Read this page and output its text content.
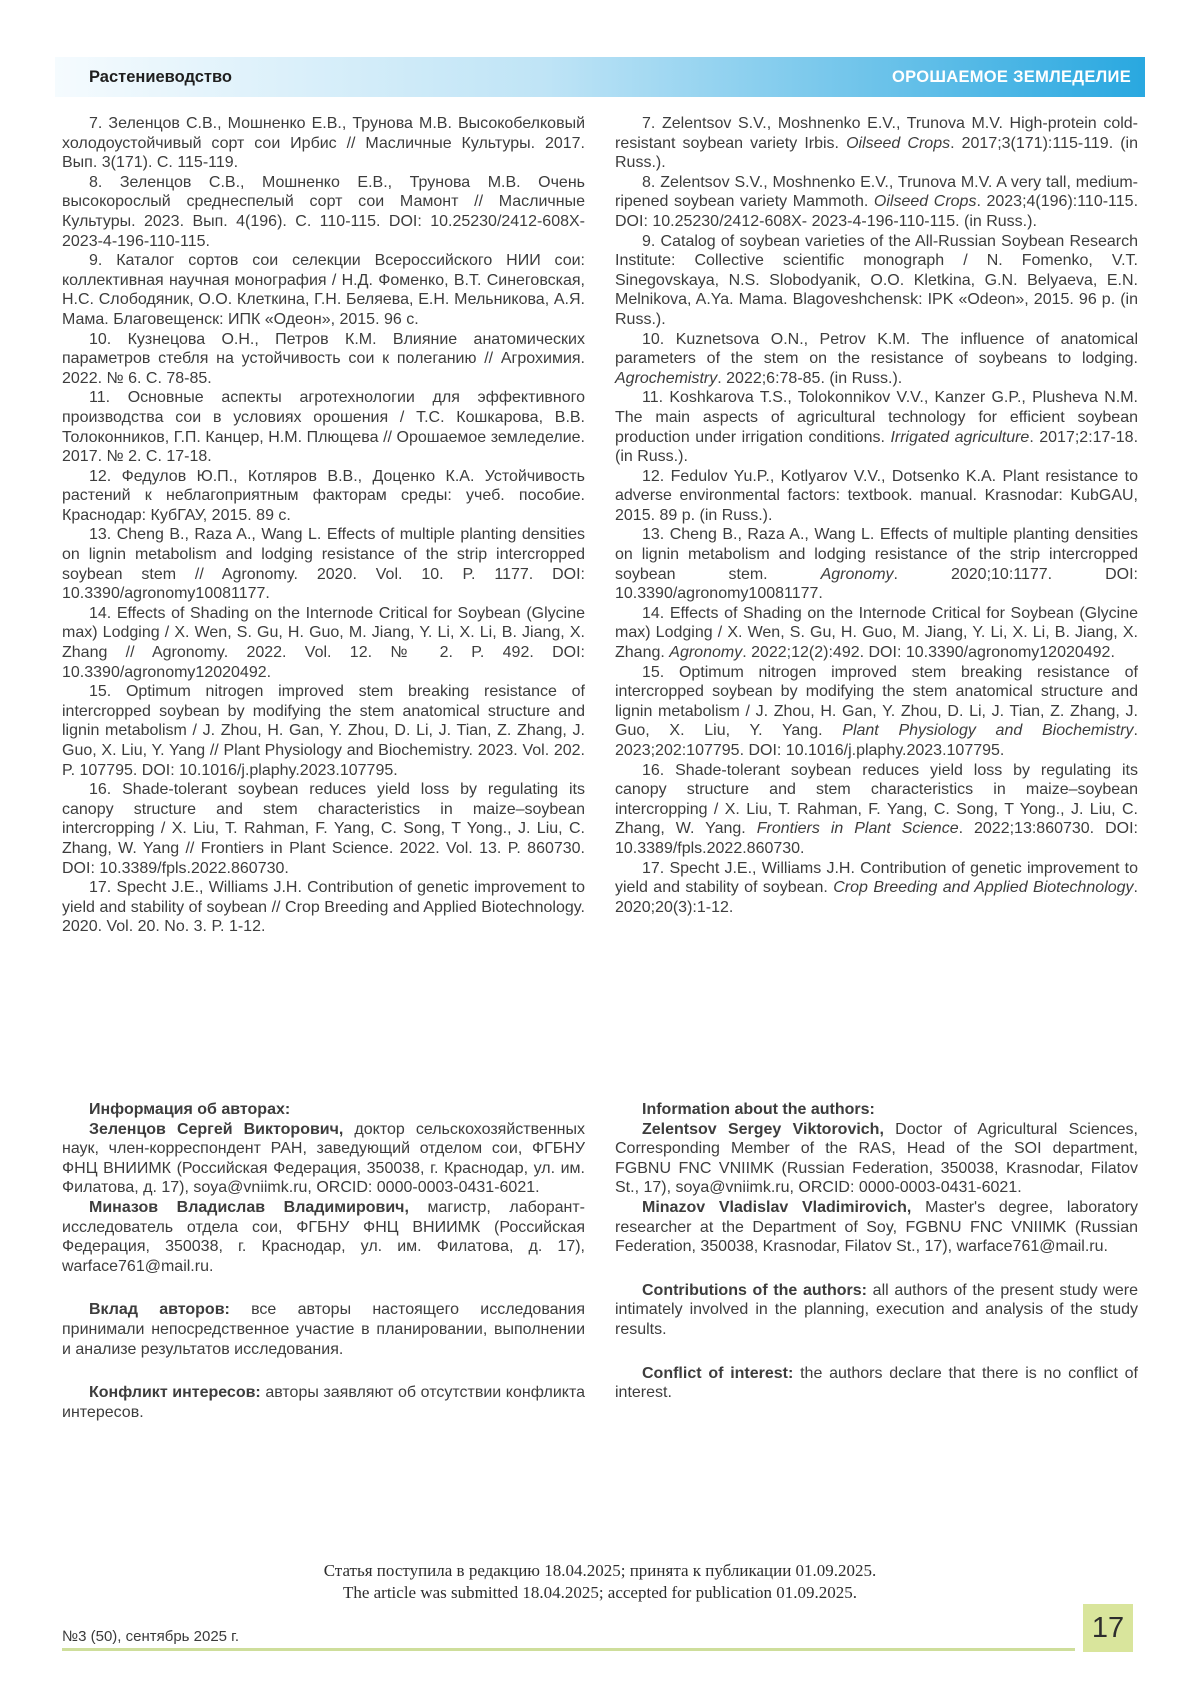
Растениеводство	ОРОШАЕМОЕ ЗЕМЛЕДЕЛИЕ

7. Зеленцов С.В., Мошненко Е.В., Трунова М.В. Высокобелковый холодоустойчивый сорт сои Ирбис // Масличные Культуры. 2017. Вып. 3(171). С. 115-119.

8. Зеленцов С.В., Мошненко Е.В., Трунова М.В. Очень высокорослый среднеспелый сорт сои Мамонт // Масличные Культуры. 2023. Вып. 4(196). С. 110-115. DOI: 10.25230/2412-608X- 2023-4-196-110-115.

9. Каталог сортов сои селекции Всероссийского НИИ сои: коллективная научная монография / Н.Д. Фоменко, В.Т. Синеговская, Н.С. Слободяник, О.О. Клеткина, Г.Н. Беляева, Е.Н. Мельникова, А.Я. Мама. Благовещенск: ИПК «Одеон», 2015. 96 с.

10. Кузнецова О.Н., Петров К.М. Влияние анатомических параметров стебля на устойчивость сои к полеганию // Агрохимия. 2022. № 6. С. 78-85.

11. Основные аспекты агротехнологии для эффективного производства сои в условиях орошения / Т.С. Кошкарова, В.В. Толоконников, Г.П. Канцер, Н.М. Плющева // Орошаемое земледелие. 2017. № 2. С. 17-18.

12. Федулов Ю.П., Котляров В.В., Доценко К.А. Устойчивость растений к неблагоприятным факторам среды: учеб. пособие. Краснодар: КубГАУ, 2015. 89 с.

13. Cheng B., Raza A., Wang L. Effects of multiple planting densities on lignin metabolism and lodging resistance of the strip intercropped soybean stem // Agronomy. 2020. Vol. 10. P. 1177. DOI: 10.3390/agronomy10081177.

14. Effects of Shading on the Internode Critical for Soybean (Glycine max) Lodging / X. Wen, S. Gu, H. Guo, M. Jiang, Y. Li, X. Li, B. Jiang, X. Zhang // Agronomy. 2022. Vol. 12. № 2. P. 492. DOI: 10.3390/agronomy12020492.

15. Optimum nitrogen improved stem breaking resistance of intercropped soybean by modifying the stem anatomical structure and lignin metabolism / J. Zhou, H. Gan, Y. Zhou, D. Li, J. Tian, Z. Zhang, J. Guo, X. Liu, Y. Yang // Plant Physiology and Biochemistry. 2023. Vol. 202. P. 107795. DOI: 10.1016/j.plaphy.2023.107795.

16. Shade-tolerant soybean reduces yield loss by regulating its canopy structure and stem characteristics in maize–soybean intercropping / X. Liu, T. Rahman, F. Yang, C. Song, T Yong., J. Liu, C. Zhang, W. Yang // Frontiers in Plant Science. 2022. Vol. 13. P. 860730. DOI: 10.3389/fpls.2022.860730.

17. Specht J.E., Williams J.H. Contribution of genetic improvement to yield and stability of soybean // Crop Breeding and Applied Biotechnology. 2020. Vol. 20. No. 3. P. 1-12.

7. Zelentsov S.V., Moshnenko E.V., Trunova M.V. High-protein cold-resistant soybean variety Irbis. Oilseed Crops. 2017;3(171):115-119. (in Russ.).

8. Zelentsov S.V., Moshnenko E.V., Trunova M.V. A very tall, medium-ripened soybean variety Mammoth. Oilseed Crops. 2023;4(196):110-115. DOI: 10.25230/2412-608X- 2023-4-196-110-115. (in Russ.).

9. Catalog of soybean varieties of the All-Russian Soybean Research Institute: Collective scientific monograph / N. Fomenko, V.T. Sinegovskaya, N.S. Slobodyanik, O.O. Kletkina, G.N. Belyaeva, E.N. Melnikova, A.Ya. Mama. Blagoveshchensk: IPK «Odeon», 2015. 96 p. (in Russ.).

10. Kuznetsova O.N., Petrov K.M. The influence of anatomical parameters of the stem on the resistance of soybeans to lodging. Agrochemistry. 2022;6:78-85. (in Russ.).

11. Koshkarova T.S., Tolokonnikov V.V., Kanzer G.P., Plusheva N.M. The main aspects of agricultural technology for efficient soybean production under irrigation conditions. Irrigated agriculture. 2017;2:17-18. (in Russ.).

12. Fedulov Yu.P., Kotlyarov V.V., Dotsenko K.A. Plant resistance to adverse environmental factors: textbook. manual. Krasnodar: KubGAU, 2015. 89 p. (in Russ.).

13. Cheng B., Raza A., Wang L. Effects of multiple planting densities on lignin metabolism and lodging resistance of the strip intercropped soybean stem. Agronomy. 2020;10:1177. DOI: 10.3390/agronomy10081177.

14. Effects of Shading on the Internode Critical for Soybean (Glycine max) Lodging / X. Wen, S. Gu, H. Guo, M. Jiang, Y. Li, X. Li, B. Jiang, X. Zhang. Agronomy. 2022;12(2):492. DOI: 10.3390/agronomy12020492.

15. Optimum nitrogen improved stem breaking resistance of intercropped soybean by modifying the stem anatomical structure and lignin metabolism / J. Zhou, H. Gan, Y. Zhou, D. Li, J. Tian, Z. Zhang, J. Guo, X. Liu, Y. Yang. Plant Physiology and Biochemistry. 2023;202:107795. DOI: 10.1016/j.plaphy.2023.107795.

16. Shade-tolerant soybean reduces yield loss by regulating its canopy structure and stem characteristics in maize–soybean intercropping / X. Liu, T. Rahman, F. Yang, C. Song, T Yong., J. Liu, C. Zhang, W. Yang. Frontiers in Plant Science. 2022;13:860730. DOI: 10.3389/fpls.2022.860730.

17. Specht J.E., Williams J.H. Contribution of genetic improvement to yield and stability of soybean. Crop Breeding and Applied Biotechnology. 2020;20(3):1-12.

Информация об авторах:

Зеленцов Сергей Викторович, доктор сельскохозяйственных наук, член-корреспондент РАН, заведующий отделом сои, ФГБНУ ФНЦ ВНИИМК (Российская Федерация, 350038, г. Краснодар, ул. им. Филатова, д. 17), soya@vniimk.ru, ORCID: 0000-0003-0431-6021.

Миназов Владислав Владимирович, магистр, лаборант-исследователь отдела сои, ФГБНУ ФНЦ ВНИИМК (Российская Федерация, 350038, г. Краснодар, ул. им. Филатова, д. 17), warface761@mail.ru.

Вклад авторов: все авторы настоящего исследования принимали непосредственное участие в планировании, выполнении и анализе результатов исследования.

Конфликт интересов: авторы заявляют об отсутствии конфликта интересов.

Information about the authors:

Zelentsov Sergey Viktorovich, Doctor of Agricultural Sciences, Corresponding Member of the RAS, Head of the SOI department, FGBNU FNC VNIIMK (Russian Federation, 350038, Krasnodar, Filatov St., 17), soya@vniimk.ru, ORCID: 0000-0003-0431-6021.

Minazov Vladislav Vladimirovich, Master's degree, laboratory researcher at the Department of Soy, FGBNU FNC VNIIMK (Russian Federation, 350038, Krasnodar, Filatov St., 17), warface761@mail.ru.

Contributions of the authors: all authors of the present study were intimately involved in the planning, execution and analysis of the study results.

Conflict of interest: the authors declare that there is no conflict of interest.

Статья поступила в редакцию 18.04.2025; принята к публикации 01.09.2025.
The article was submitted 18.04.2025; accepted for publication 01.09.2025.
№3 (50), сентябрь 2025 г.	17
